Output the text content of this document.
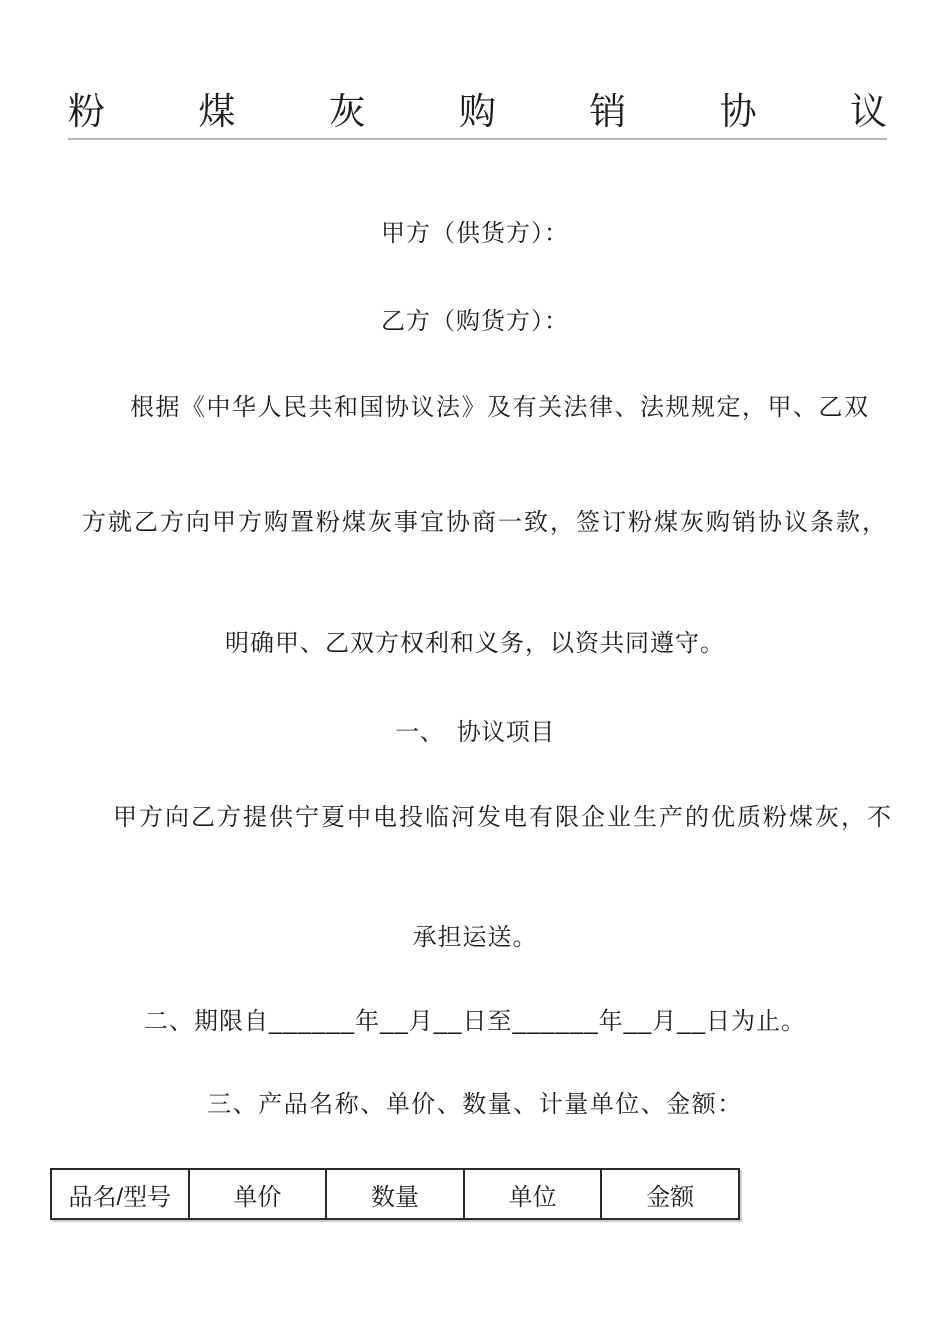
粉	煤	灰	购	销	协	议
甲方（供货方）：
乙方（购货方）：
根据《中华人民共和国协议法》及有关法律、法规规定，甲、乙双
方就乙方向甲方购置粉煤灰事宜协商一致，签订粉煤灰购销协议条款，
明确甲、乙双方权利和义务，以资共同遵守。
一、　协议项目
甲方向乙方提供宁夏中电投临河发电有限企业生产的优质粉煤灰，不
承担运送。
二、期限自______年__月__日至______年__月__日为止。
三、产品名称、单价、数量、计量单位、金额：
品名/型号	单价	数量	单位	金额
